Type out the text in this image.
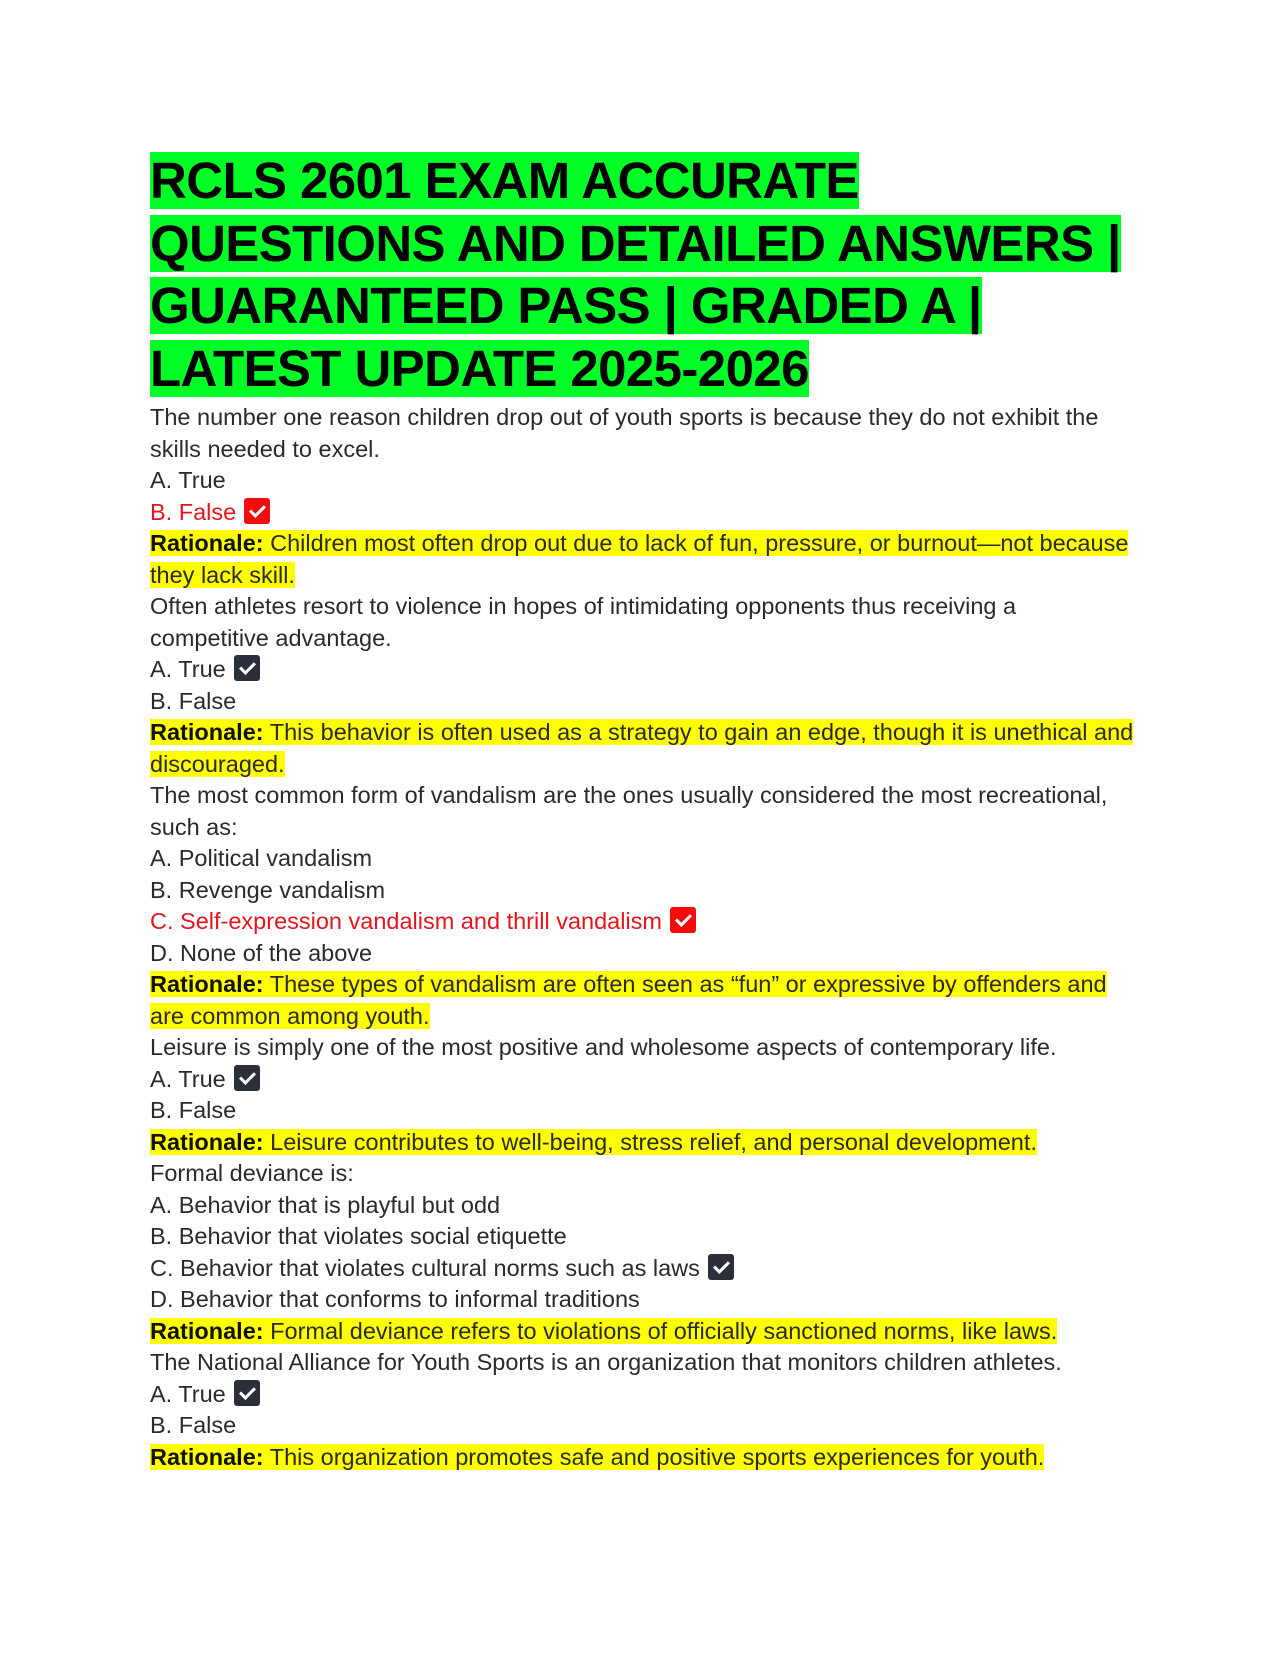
RCLS 2601 EXAM ACCURATE QUESTIONS AND DETAILED ANSWERS | GUARANTEED PASS | GRADED A | LATEST UPDATE 2025-2026

The number one reason children drop out of youth sports is because they do not exhibit the skills needed to excel.

A. True

B. False

Rationale: Children most often drop out due to lack of fun, pressure, or burnout—not because they lack skill.

Often athletes resort to violence in hopes of intimidating opponents thus receiving a competitive advantage.

A. True

B. False

Rationale: This behavior is often used as a strategy to gain an edge, though it is unethical and discouraged.

The most common form of vandalism are the ones usually considered the most recreational, such as:

A. Political vandalism

B. Revenge vandalism

C. Self-expression vandalism and thrill vandalism

D. None of the above

Rationale: These types of vandalism are often seen as “fun” or expressive by offenders and are common among youth.

Leisure is simply one of the most positive and wholesome aspects of contemporary life.

A. True

B. False

Rationale: Leisure contributes to well-being, stress relief, and personal development.

Formal deviance is:

A. Behavior that is playful but odd

B. Behavior that violates social etiquette

C. Behavior that violates cultural norms such as laws

D. Behavior that conforms to informal traditions

Rationale: Formal deviance refers to violations of officially sanctioned norms, like laws.

The National Alliance for Youth Sports is an organization that monitors children athletes.

A. True

B. False

Rationale: This organization promotes safe and positive sports experiences for youth.
